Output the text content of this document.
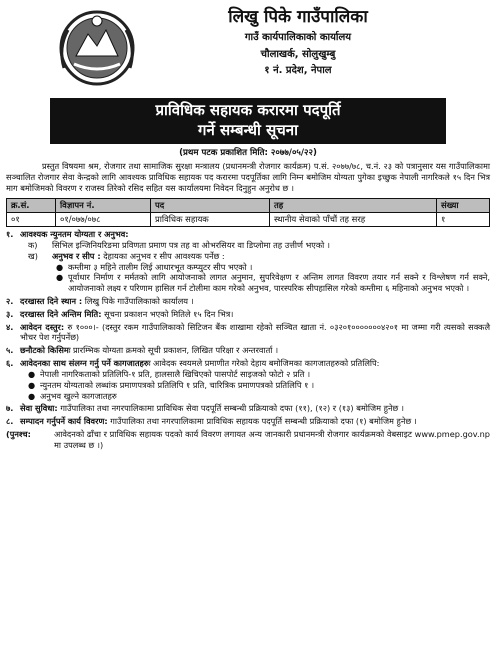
लिखु पिके गाउँपालिका
गाउँ कार्यपालिकाको कार्यालय
चौलाखर्क, सोलुखुम्बु
१ नं. प्रदेश, नेपाल
प्राविधिक सहायक करारमा पदपूर्ति
गर्ने सम्बन्धी सूचना
(प्रथम पटक प्रकाशित मिति: २०७७/०५/२२)
प्रस्तुत विषयमा श्रम, रोजगार तथा सामाजिक सुरक्षा मन्त्रालय (प्रधानमन्त्री रोजगार कार्यक्रम) प.सं. २०७७/७८, च.नं. २३ को पत्रानुसार यस गाउँपालिकामा सञ्चालित रोजगार सेवा केन्द्रको लागि आवश्यक प्राविधिक सहायक पद करारमा पदपूर्तिका लागि निम्न बमोजिम योग्यता पुगेका इच्छुक नेपाली नागरिकले १५ दिन भित्र माग बमोजिमको विवरण र राजस्व तिरेको रसिद सहित यस कार्यालयमा निवेदन दिनुहुन अनुरोध छ ।
क्र.सं.	विज्ञापन नं.	पद	तह	संख्या
०१	०१/०७७/०७८	प्राविधिक सहायक	स्थानीय सेवाको पाँचौं तह सरह	१
१. आवश्यक न्युनतम योग्यता र अनुभव:
क)	सिभिल इन्जिनियरिङमा प्रविणता प्रमाण पत्र तह वा ओभरसियर वा डिप्लोमा तह उत्तीर्ण भएको ।
ख)	अनुभव र सीप : देहायका अनुभव र सीप आवश्यक पर्नेछ :
● कम्तीमा ३ महिने तालीम लिई आधारभूत कम्प्युटर सीप भएको ।
● पूर्वाधार निर्माण र मर्मतको लागि आयोजनाको लागत अनुमान, सुपरिवेक्षण र अन्तिम लागत विवरण तयार गर्न सक्ने र विश्लेषण गर्न सक्ने, आयोजनाको लक्ष्य र परिणाम हासिल गर्न टोलीमा काम गरेको अनुभव, पारस्परिक सीपहासिल गरेको कम्तीमा ६ महिनाको अनुभव भएको ।
२. दरखास्त दिने स्थान : लिखु पिके गाउँपालिकाको कार्यालय ।
३. दरखास्त दिने अन्तिम मिति: सूचना प्रकाशन भएको मितिले १५ दिन भित्र।
४. आवेदन दस्तुर: रु १०००।- (दस्तुर रकम गाउँपालिकाको सिटिजन बैंक शाखामा रहेको सञ्चित खाता नं. ०३२०१०००००००४२०१ मा जम्मा गरी त्यसको सक्कलै भौचर पेश गर्नुपर्नेछ)
५. छनौटको किसिमः प्रारम्भिक योग्यता क्रमको सूची प्रकाशन, लिखित परिक्षा र अन्तरवार्ता ।
६. आवेदनका साथ संलग्न गर्नु पर्ने कागजातहरुः आवेदक स्वयमले प्रमाणीत गरेको देहाय बमोजिमका कागजातहरुको प्रतिलिपि:
● नेपाली नागरिकताको प्रतिलिपि-१ प्रति, हालसालै खिचिएको पासपोर्ट साइजको फोटो २ प्रति ।
● न्युनतम योग्यताको लब्धांक प्रमाणपत्रको प्रतिलिपि १ प्रति, चारित्रिक प्रमाणपत्रको प्रतिलिपि १ ।
● अनुभव खुल्ने कागजातहरु
७. सेवा सुविधा: गाउँपालिका तथा नगरपालिकामा प्राविधिक सेवा पदपूर्ति सम्बन्धी प्रक्रियाको दफा (११), (१२) र (१३) बमोजिम हुनेछ ।
८. सम्पादन गर्नुपर्ने कार्य विवरण: गाउँपालिका तथा नगरपालिकामा प्राविधिक सहायक पदपूर्ति सम्बन्धी प्रक्रियाको दफा (१) बमोजिम हुनेछ ।
(पुनश्च:	आवेदनको ढाँचा र प्राविधिक सहायक पदको कार्य विवरण लगायत अन्य जानकारी प्रधानमन्त्री रोजगार कार्यक्रमको वेबसाइट www.pmep.gov.np मा उपलब्ध छ ।)
